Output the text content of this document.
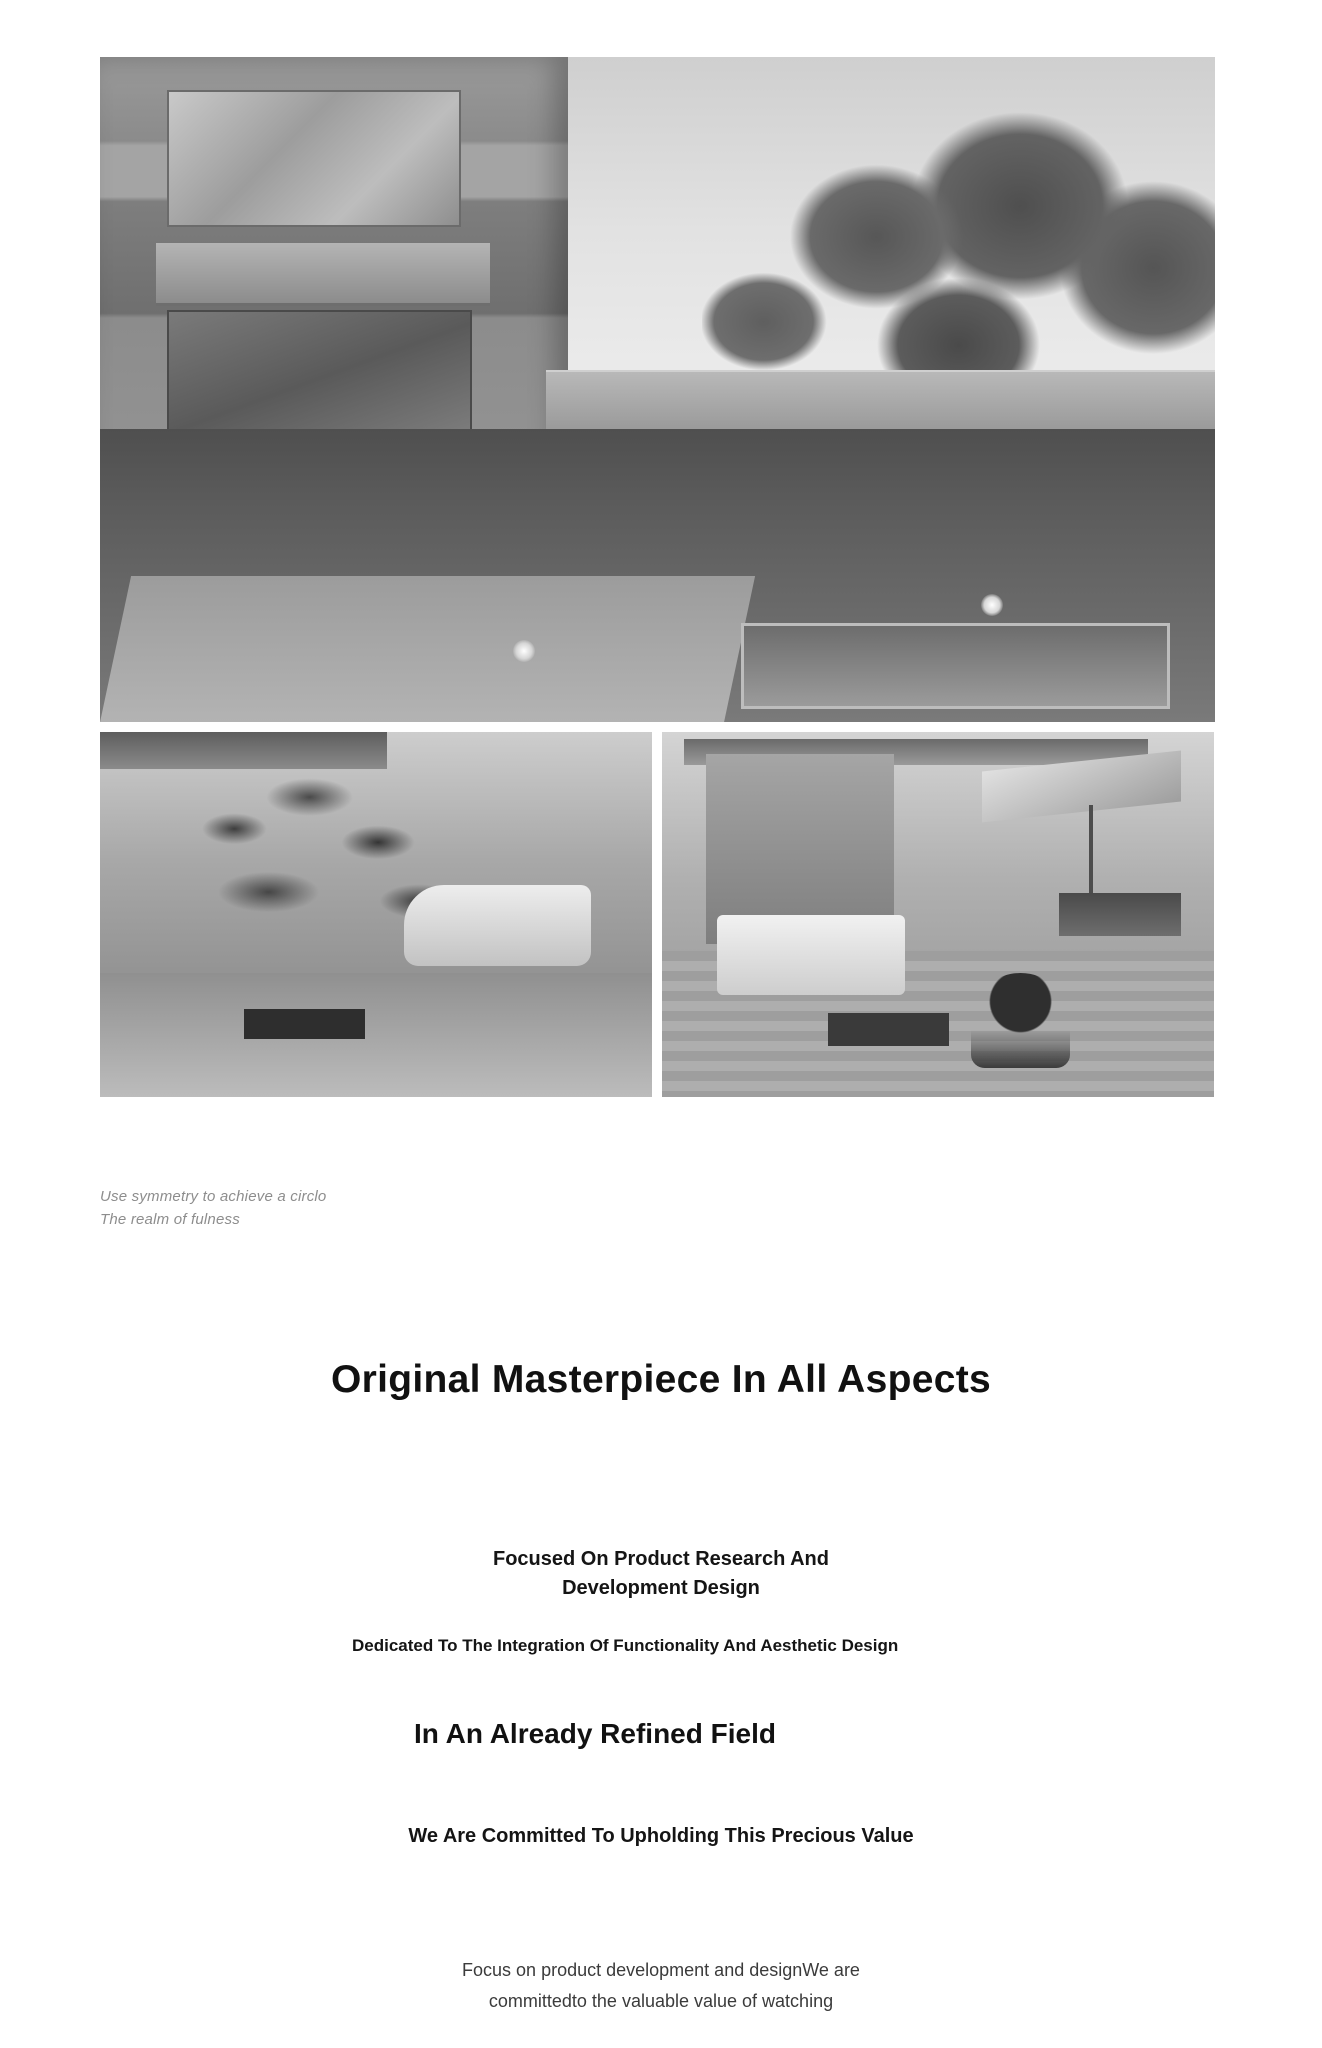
Use symmetry to achieve a circlo
The realm of fulness
Original Masterpiece In All Aspects
Focused On Product Research And Development Design
Dedicated To The Integration Of Functionality And Aesthetic Design
In An Already Refined Field
We Are Committed To Upholding This Precious Value
Focus on product development and designWe are
committedto the valuable value of watching
